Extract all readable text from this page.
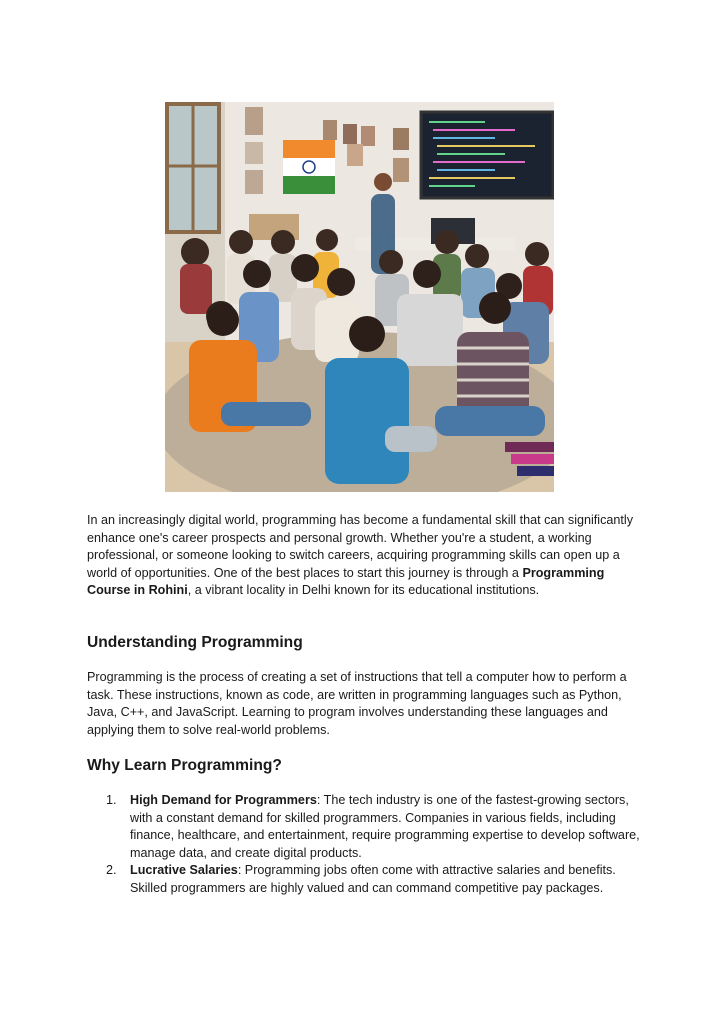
In an increasingly digital world, programming has become a fundamental skill that can significantly enhance one's career prospects and personal growth. Whether you're a student, a working professional, or someone looking to switch careers, acquiring programming skills can open up a world of opportunities. One of the best places to start this journey is through a Programming Course in Rohini, a vibrant locality in Delhi known for its educational institutions.
Understanding Programming
Programming is the process of creating a set of instructions that tell a computer how to perform a task. These instructions, known as code, are written in programming languages such as Python, Java, C++, and JavaScript. Learning to program involves understanding these languages and applying them to solve real-world problems.
Why Learn Programming?
1. High Demand for Programmers: The tech industry is one of the fastest-growing sectors, with a constant demand for skilled programmers. Companies in various fields, including finance, healthcare, and entertainment, require programming expertise to develop software, manage data, and create digital products.
2. Lucrative Salaries: Programming jobs often come with attractive salaries and benefits. Skilled programmers are highly valued and can command competitive pay packages.
